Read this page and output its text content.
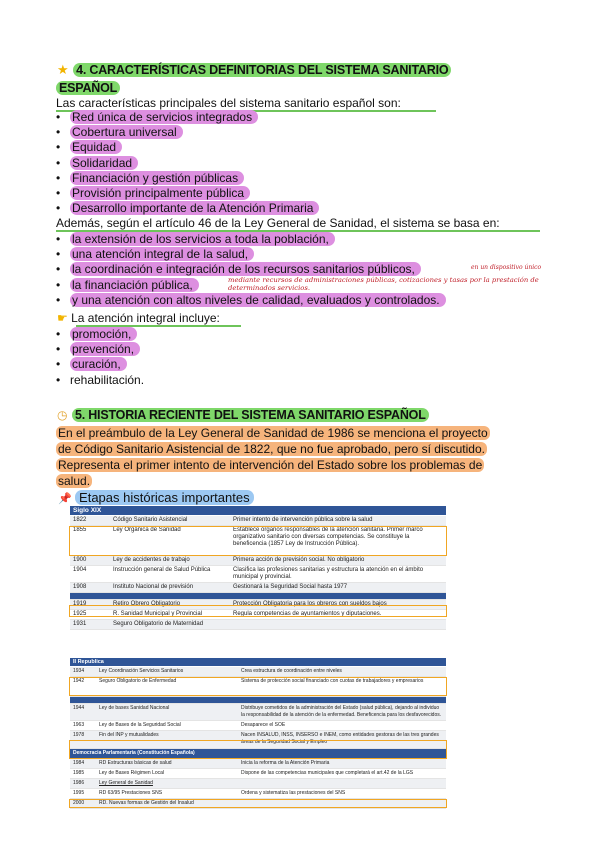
★ 4. CARACTERÍSTICAS DEFINITORIAS DEL SISTEMA SANITARIO
ESPAÑOL
Las características principales del sistema sanitario español son:
• Red única de servicios integrados
• Cobertura universal
• Equidad
• Solidaridad
• Financiación y gestión públicas
• Provisión principalmente pública
• Desarrollo importante de la Atención Primaria
Además, según el artículo 46 de la Ley General de Sanidad, el sistema se basa en:
• la extensión de los servicios a toda la población,
• una atención integral de la salud,
• la coordinación e integración de los recursos sanitarios públicos,
• la financiación pública,
• y una atención con altos niveles de calidad, evaluados y controlados.
en un dispositivo único
mediante recursos de administraciones públicas, cotizaciones y tasas por la prestación de determinados servicios.
☛ La atención integral incluye:
• promoción,
• prevención,
• curación,
• rehabilitación.
◷ 5. HISTORIA RECIENTE DEL SISTEMA SANITARIO ESPAÑOL
En el preámbulo de la Ley General de Sanidad de 1986 se menciona el proyecto
de Código Sanitario Asistencial de 1822, que no fue aprobado, pero sí discutido.
Representa el primer intento de intervención del Estado sobre los problemas de
salud.
📌 Etapas históricas importantes
Siglo XIX
1822	Código Sanitario Asistencial	Primer intento de intervención pública sobre la salud
1855	Ley Orgánica de Sanidad	Establece órganos responsables de la atención sanitaria. Primer marco organizativo sanitario con diversas competencias. Se constituye la beneficencia (1857 Ley de Instrucción Pública).
1900	Ley de accidentes de trabajo	Primera acción de previsión social. No obligatorio
1904	Instrucción general de Salud Pública	Clasifica las profesiones sanitarias y estructura la atención en el ámbito municipal y provincial.
1908	Instituto Nacional de previsión	Gestionará la Seguridad Social hasta 1977

1919	Retiro Obrero Obligatorio	Protección Obligatoria para los obreros con sueldos bajos
1925	R. Sanidad Municipal y Provincial	Regula competencias de ayuntamientos y diputaciones.
1931	Seguro Obligatorio de Maternidad	
II Republica
1934	Ley Coordinación Servicios Sanitarios	Crea estructura de coordinación entre niveles
1942	Seguro Obligatorio de Enfermedad	Sistema de protección social financiado con cuotas de trabajadores y empresarios

1944	Ley de bases Sanidad Nacional	Distribuye cometidos de la administración del Estado (salud pública), dejando al individuo la responsabilidad de la atención de la enfermedad. Beneficencia para los desfavorecidos.
1963	Ley de Bases de la Seguridad Social	Desaparece el SOE
1978	Fin del INP y mutualidades	Nacen INSALUD, INSS, INSERSO e INEM, como entidades gestoras de las tres grandes áreas de la Seguridad Social y Empleo
Democracia Parlamentaria (Constitución Española)		
1984	RD Estructuras básicas de salud	Inicia la reforma de la Atención Primaria
1985	Ley de Bases Régimen Local	Dispone de las competencias municipales que completará el art.42 de la LGS
1986	Ley General de Sanidad	
1995	RD 63/95 Prestaciones SNS	Ordena y sistematiza las prestaciones del SNS
2000	RD. Nuevas formas de Gestión del Insalud	
